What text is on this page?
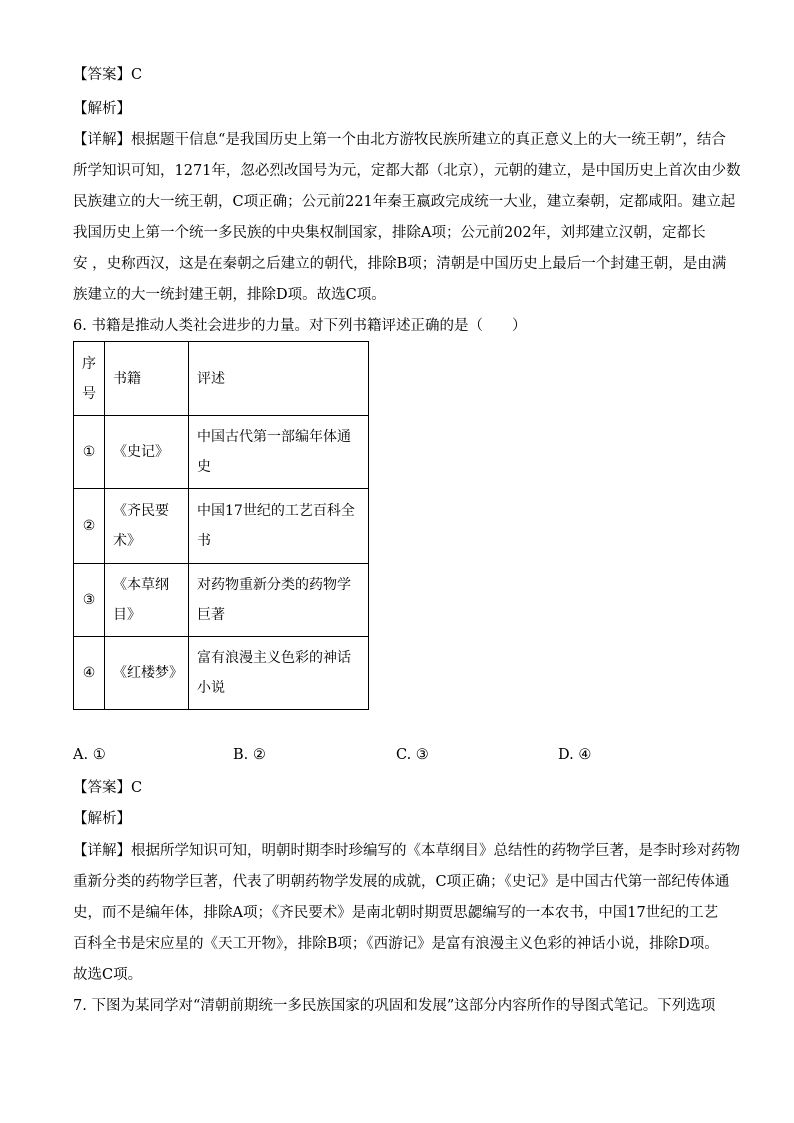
【答案】C
【解析】
【详解】根据题干信息“是我国历史上第一个由北方游牧民族所建立的真正意义上的大一统王朝”，结合
所学知识可知，1271年，忽必烈改国号为元，定都大都（北京），元朝的建立，是中国历史上首次由少数
民族建立的大一统王朝，C项正确；公元前221年秦王嬴政完成统一大业，建立秦朝，定都咸阳。建立起
我国历史上第一个统一多民族的中央集权制国家，排除A项；公元前202年，刘邦建立汉朝，定都长
安 ，史称西汉，这是在秦朝之后建立的朝代，排除B项；清朝是中国历史上最后一个封建王朝，是由满
族建立的大一统封建王朝，排除D项。故选C项。
6. 书籍是推动人类社会进步的力量。对下列书籍评述正确的是（　　）
序号	书籍	评述
①	《史记》	中国古代第一部编年体通史
②	《齐民要术》	中国17世纪的工艺百科全书
③	《本草纲目》	对药物重新分类的药物学巨著
④	《红楼梦》	富有浪漫主义色彩的神话小说
A. ①	B. ②	C. ③	D. ④
【答案】C
【解析】
【详解】根据所学知识可知，明朝时期李时珍编写的《本草纲目》总结性的药物学巨著，是李时珍对药物
重新分类的药物学巨著，代表了明朝药物学发展的成就，C项正确；《史记》是中国古代第一部纪传体通
史，而不是编年体，排除A项；《齐民要术》是南北朝时期贾思勰编写的一本农书，中国17世纪的工艺
百科全书是宋应星的《天工开物》，排除B项；《西游记》是富有浪漫主义色彩的神话小说，排除D项。
故选C项。
7. 下图为某同学对“清朝前期统一多民族国家的巩固和发展”这部分内容所作的导图式笔记。下列选项
